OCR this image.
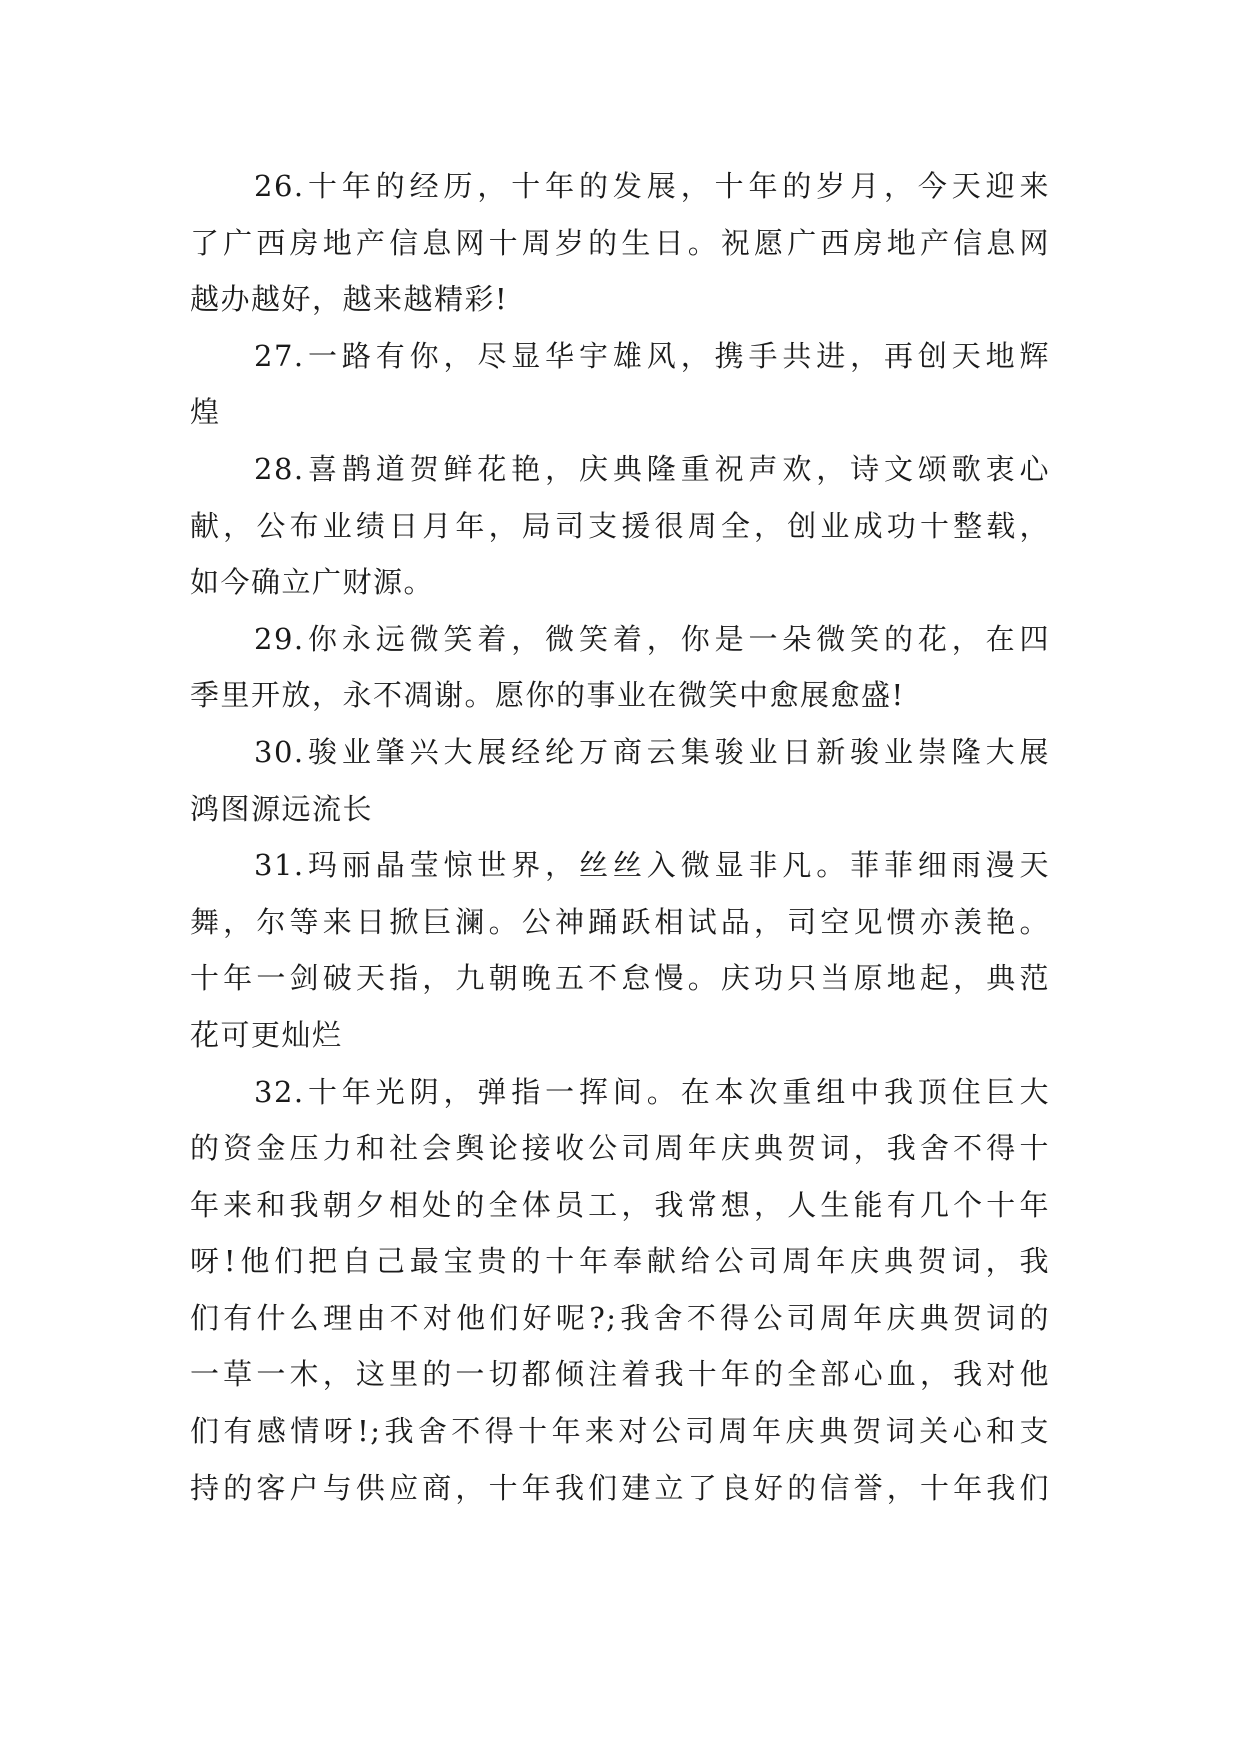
26.十年的经历，十年的发展，十年的岁月，今天迎来
了广西房地产信息网十周岁的生日。祝愿广西房地产信息网
越办越好，越来越精彩!
27.一路有你，尽显华宇雄风，携手共进，再创天地辉
煌
28.喜鹊道贺鲜花艳，庆典隆重祝声欢，诗文颂歌衷心
献，公布业绩日月年，局司支援很周全，创业成功十整载，
如今确立广财源。
29.你永远微笑着，微笑着，你是一朵微笑的花，在四
季里开放，永不凋谢。愿你的事业在微笑中愈展愈盛!
30.骏业肇兴大展经纶万商云集骏业日新骏业崇隆大展
鸿图源远流长
31.玛丽晶莹惊世界，丝丝入微显非凡。菲菲细雨漫天
舞，尔等来日掀巨澜。公神踊跃相试品，司空见惯亦羡艳。
十年一剑破天指，九朝晚五不怠慢。庆功只当原地起，典范
花可更灿烂
32.十年光阴，弹指一挥间。在本次重组中我顶住巨大
的资金压力和社会舆论接收公司周年庆典贺词，我舍不得十
年来和我朝夕相处的全体员工，我常想，人生能有几个十年
呀!他们把自己最宝贵的十年奉献给公司周年庆典贺词，我
们有什么理由不对他们好呢?;我舍不得公司周年庆典贺词的
一草一木，这里的一切都倾注着我十年的全部心血，我对他
们有感情呀!;我舍不得十年来对公司周年庆典贺词关心和支
持的客户与供应商，十年我们建立了良好的信誉，十年我们
